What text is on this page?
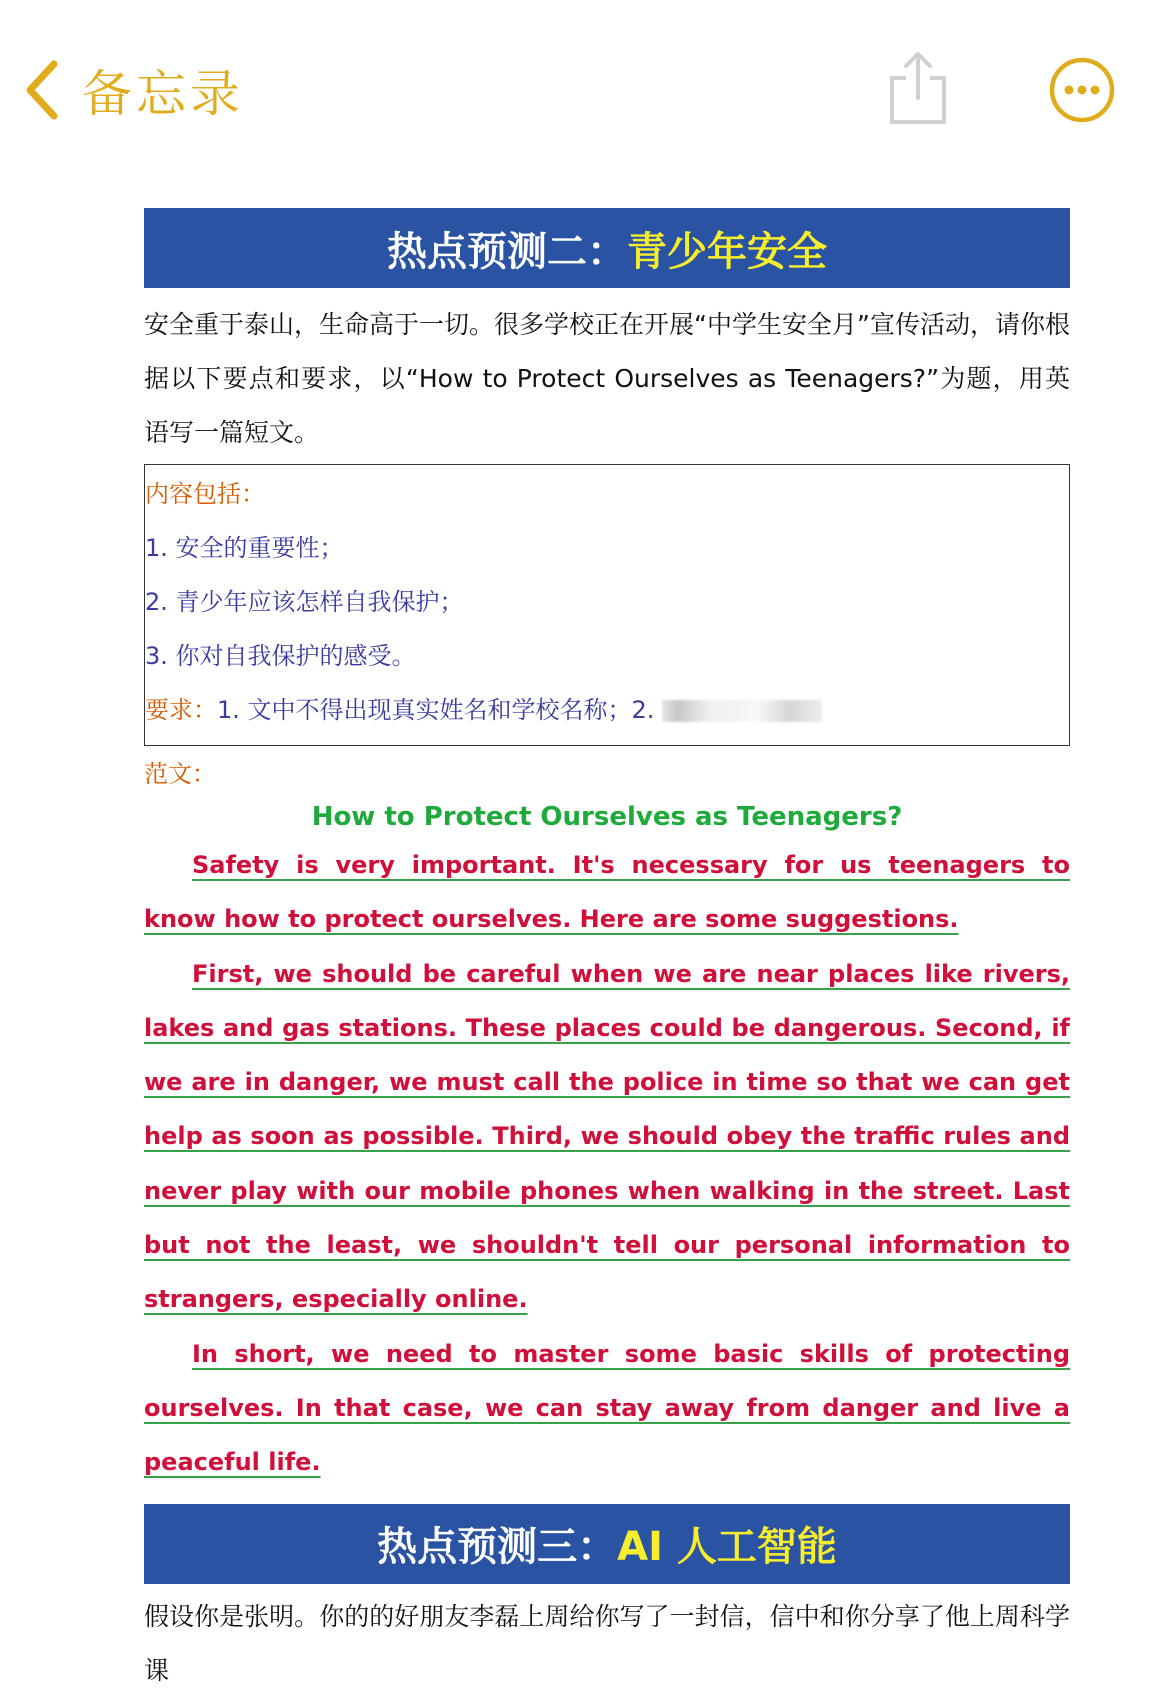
备忘录
热点预测二： 青少年安全
安全重于泰山，生命高于一切。很多学校正在开展“中学生安全月”宣传活动，请你根据以下要点和要求，以“How to Protect Ourselves as Teenagers?”为题，用英语写一篇短文。
内容包括：
1. 安全的重要性；
2. 青少年应该怎样自我保护；
3. 你对自我保护的感受。
要求：1. 文中不得出现真实姓名和学校名称；2.
范文：
How to Protect Ourselves as Teenagers?

Safety is very important. It's necessary for us teenagers to know how to protect ourselves. Here are some suggestions.

First, we should be careful when we are near places like rivers, lakes and gas stations. These places could be dangerous. Second, if we are in danger, we must call the police in time so that we can get help as soon as possible. Third, we should obey the traffic rules and never play with our mobile phones when walking in the street. Last but not the least, we shouldn't tell our personal information to strangers, especially online.

In short, we need to master some basic skills of protecting ourselves. In that case, we can stay away from danger and live a peaceful life.

热点预测三： AI 人工智能
假设你是张明。你的的好朋友李磊上周给你写了一封信，信中和你分享了他上周科学课
